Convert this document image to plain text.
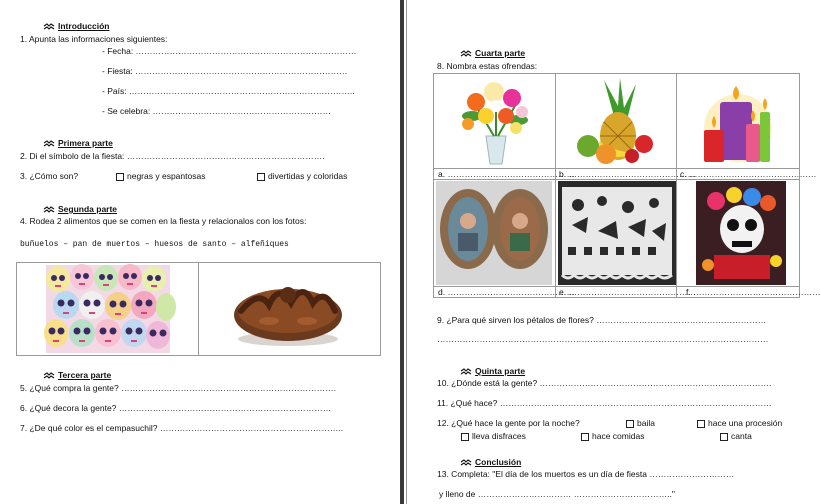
Introducción
1. Apunta las informaciones siguientes:
- Fecha: ……………………………………………………………………
- Fiesta: …………………………………………………………………
- País: ……………………………………………………………………..
- Se celebra: ………………………………………………………
Primera parte
2. Di el símbolo de la fiesta: …………………………………………………………….
3. ¿Cómo son?	negras y espantosas	divertidas y coloridas
Segunda parte
4. Rodea 2 alimentos que se comen en la fiesta y relacionalos con los fotos:
buñuelos – pan de muertos – huesos de santo – alfeñiques
Tercera parte
5. ¿Qué compra la gente? ………………………………………………………………….
6. ¿Qué decora la gente? …………………………………………………………………
7. ¿De qué color es el cempasuchil? ………………………………………………………..
Cuarta parte
8. Nombra estas ofrendas:
a. ………………………………………
b. ………………………………………
c. ………………………………………
d. ………………………………………
e. ………………………………………
f. ………………………………………
9. ¿Para qué sirven los pétalos de flores? ……………………………………………………
………………………………………………………………………………………………………
Quinta parte
10. ¿Dónde está la gente? ……………………………………………………………………….
11. ¿Qué hace? ……………………………………………………………………………………
12. ¿Qué hace la gente por la noche?	baila	hace una procesión
lleva disfraces	hace comidas	canta
Conclusión
13. Completa: "El día de los muertos es un día de fiesta …………………………
y lleno de …………………………… …………………………….."
